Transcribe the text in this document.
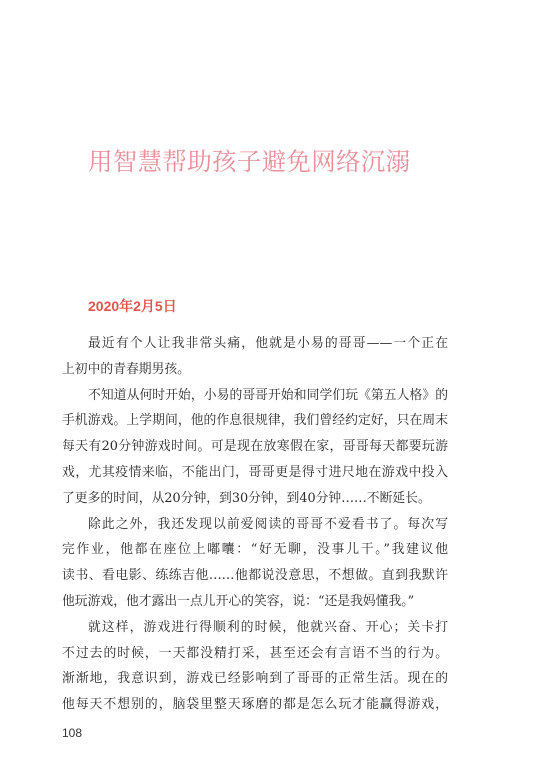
用智慧帮助孩子避免网络沉溺
2020年2月5日
最近有个人让我非常头痛，他就是小易的哥哥——一个正在
上初中的青春期男孩。
不知道从何时开始，小易的哥哥开始和同学们玩《第五人格》的
手机游戏。上学期间，他的作息很规律，我们曾经约定好，只在周末
每天有20分钟游戏时间。可是现在放寒假在家，哥哥每天都要玩游
戏，尤其疫情来临，不能出门，哥哥更是得寸进尺地在游戏中投入
了更多的时间，从20分钟，到30分钟，到40分钟……不断延长。
除此之外，我还发现以前爱阅读的哥哥不爱看书了。每次写
完作业，他都在座位上嘟囔：“好无聊，没事儿干。”我建议他
读书、看电影、练练吉他……他都说没意思，不想做。直到我默许
他玩游戏，他才露出一点儿开心的笑容，说：“还是我妈懂我。”
就这样，游戏进行得顺利的时候，他就兴奋、开心；关卡打
不过去的时候，一天都没精打采，甚至还会有言语不当的行为。
渐渐地，我意识到，游戏已经影响到了哥哥的正常生活。现在的
他每天不想别的，脑袋里整天琢磨的都是怎么玩才能赢得游戏，
108
